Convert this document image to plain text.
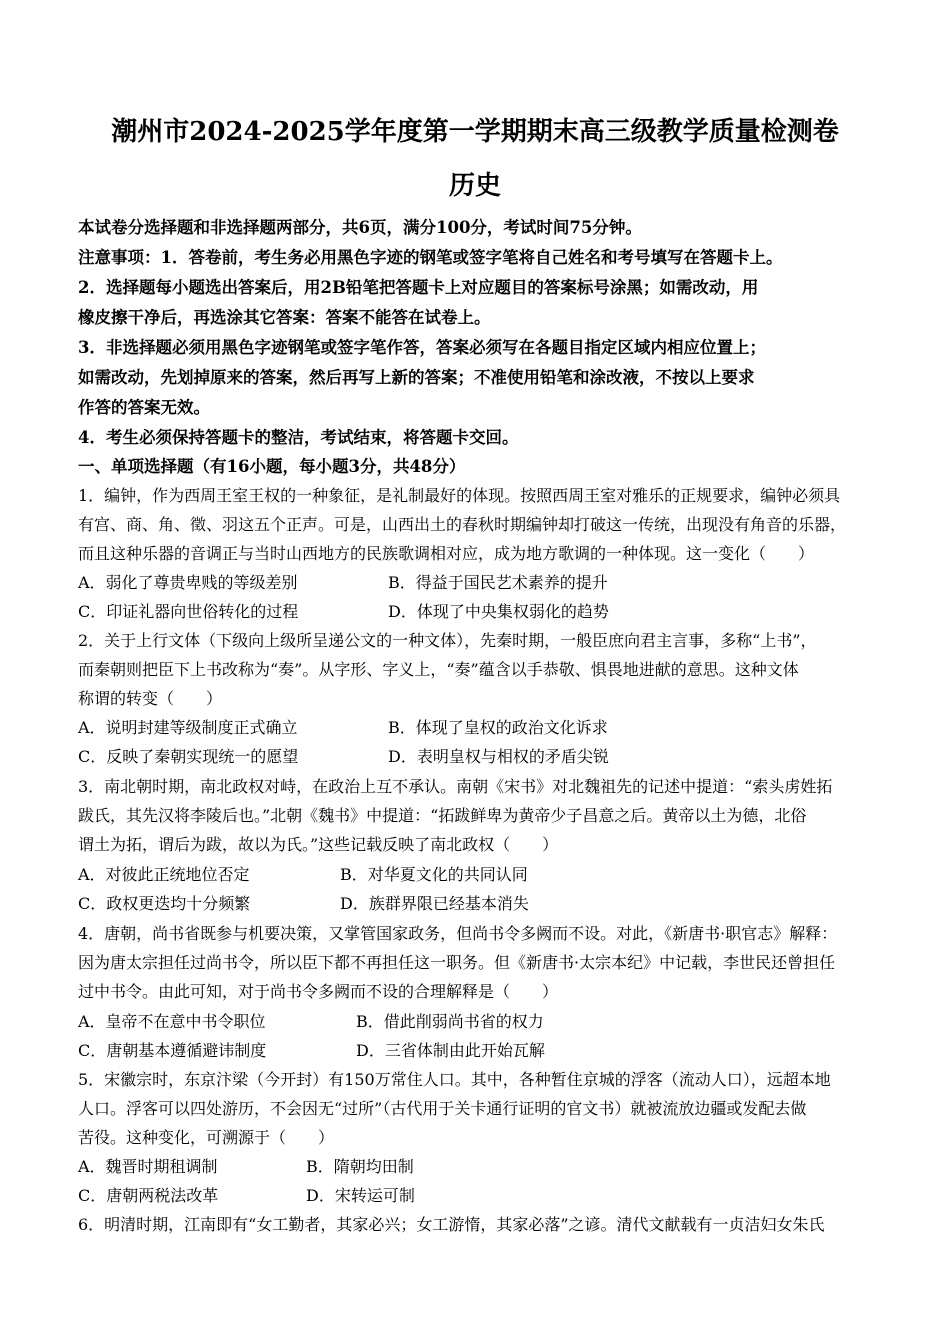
潮州市2024-2025学年度第一学期期末高三级教学质量检测卷
历史
本试卷分选择题和非选择题两部分，共6页，满分100分，考试时间75分钟。
注意事项：1．答卷前，考生务必用黑色字迹的钢笔或签字笔将自己姓名和考号填写在答题卡上。
2．选择题每小题选出答案后，用2B铅笔把答题卡上对应题目的答案标号涂黑；如需改动，用
橡皮擦干净后，再选涂其它答案：答案不能答在试卷上。
3．非选择题必须用黑色字迹钢笔或签字笔作答，答案必须写在各题目指定区域内相应位置上；
如需改动，先划掉原来的答案，然后再写上新的答案；不准使用铅笔和涂改液，不按以上要求
作答的答案无效。
4．考生必须保持答题卡的整洁，考试结束，将答题卡交回。
一、单项选择题（有16小题，每小题3分，共48分）
1．编钟，作为西周王室王权的一种象征，是礼制最好的体现。按照西周王室对雅乐的正规要求，编钟必须具
有宫、商、角、徵、羽这五个正声。可是，山西出土的春秋时期编钟却打破这一传统，出现没有角音的乐器，
而且这种乐器的音调正与当时山西地方的民族歌调相对应，成为地方歌调的一种体现。这一变化（　　）
A．弱化了尊贵卑贱的等级差别	B．得益于国民艺术素养的提升
C．印证礼器向世俗转化的过程	D．体现了中央集权弱化的趋势
2．关于上行文体（下级向上级所呈递公文的一种文体），先秦时期，一般臣庶向君主言事，多称“上书”，
而秦朝则把臣下上书改称为“奏”。从字形、字义上，“奏”蕴含以手恭敬、惧畏地进献的意思。这种文体
称谓的转变（　　）
A．说明封建等级制度正式确立	B．体现了皇权的政治文化诉求
C．反映了秦朝实现统一的愿望	D．表明皇权与相权的矛盾尖锐
3．南北朝时期，南北政权对峙，在政治上互不承认。南朝《宋书》对北魏祖先的记述中提道：“索头虏姓拓
跋氏，其先汉将李陵后也。”北朝《魏书》中提道：“拓跋鲜卑为黄帝少子昌意之后。黄帝以土为德，北俗
谓土为拓，谓后为跋，故以为氏。”这些记载反映了南北政权（　　）
A．对彼此正统地位否定	B．对华夏文化的共同认同
C．政权更迭均十分频繁	D．族群界限已经基本消失
4．唐朝，尚书省既参与机要决策，又掌管国家政务，但尚书令多阙而不设。对此，《新唐书·职官志》解释：
因为唐太宗担任过尚书令，所以臣下都不再担任这一职务。但《新唐书·太宗本纪》中记载，李世民还曾担任
过中书令。由此可知，对于尚书令多阙而不设的合理解释是（　　）
A．皇帝不在意中书令职位	B．借此削弱尚书省的权力
C．唐朝基本遵循避讳制度	D．三省体制由此开始瓦解
5．宋徽宗时，东京汴梁（今开封）有150万常住人口。其中，各种暂住京城的浮客（流动人口），远超本地
人口。浮客可以四处游历，不会因无“过所”（古代用于关卡通行证明的官文书）就被流放边疆或发配去做
苦役。这种变化，可溯源于（　　）
A．魏晋时期租调制	B．隋朝均田制
C．唐朝两税法改革	D．宋转运可制
6．明清时期，江南即有“女工勤者，其家必兴；女工游惰，其家必落”之谚。清代文献载有一贞洁妇女朱氏
